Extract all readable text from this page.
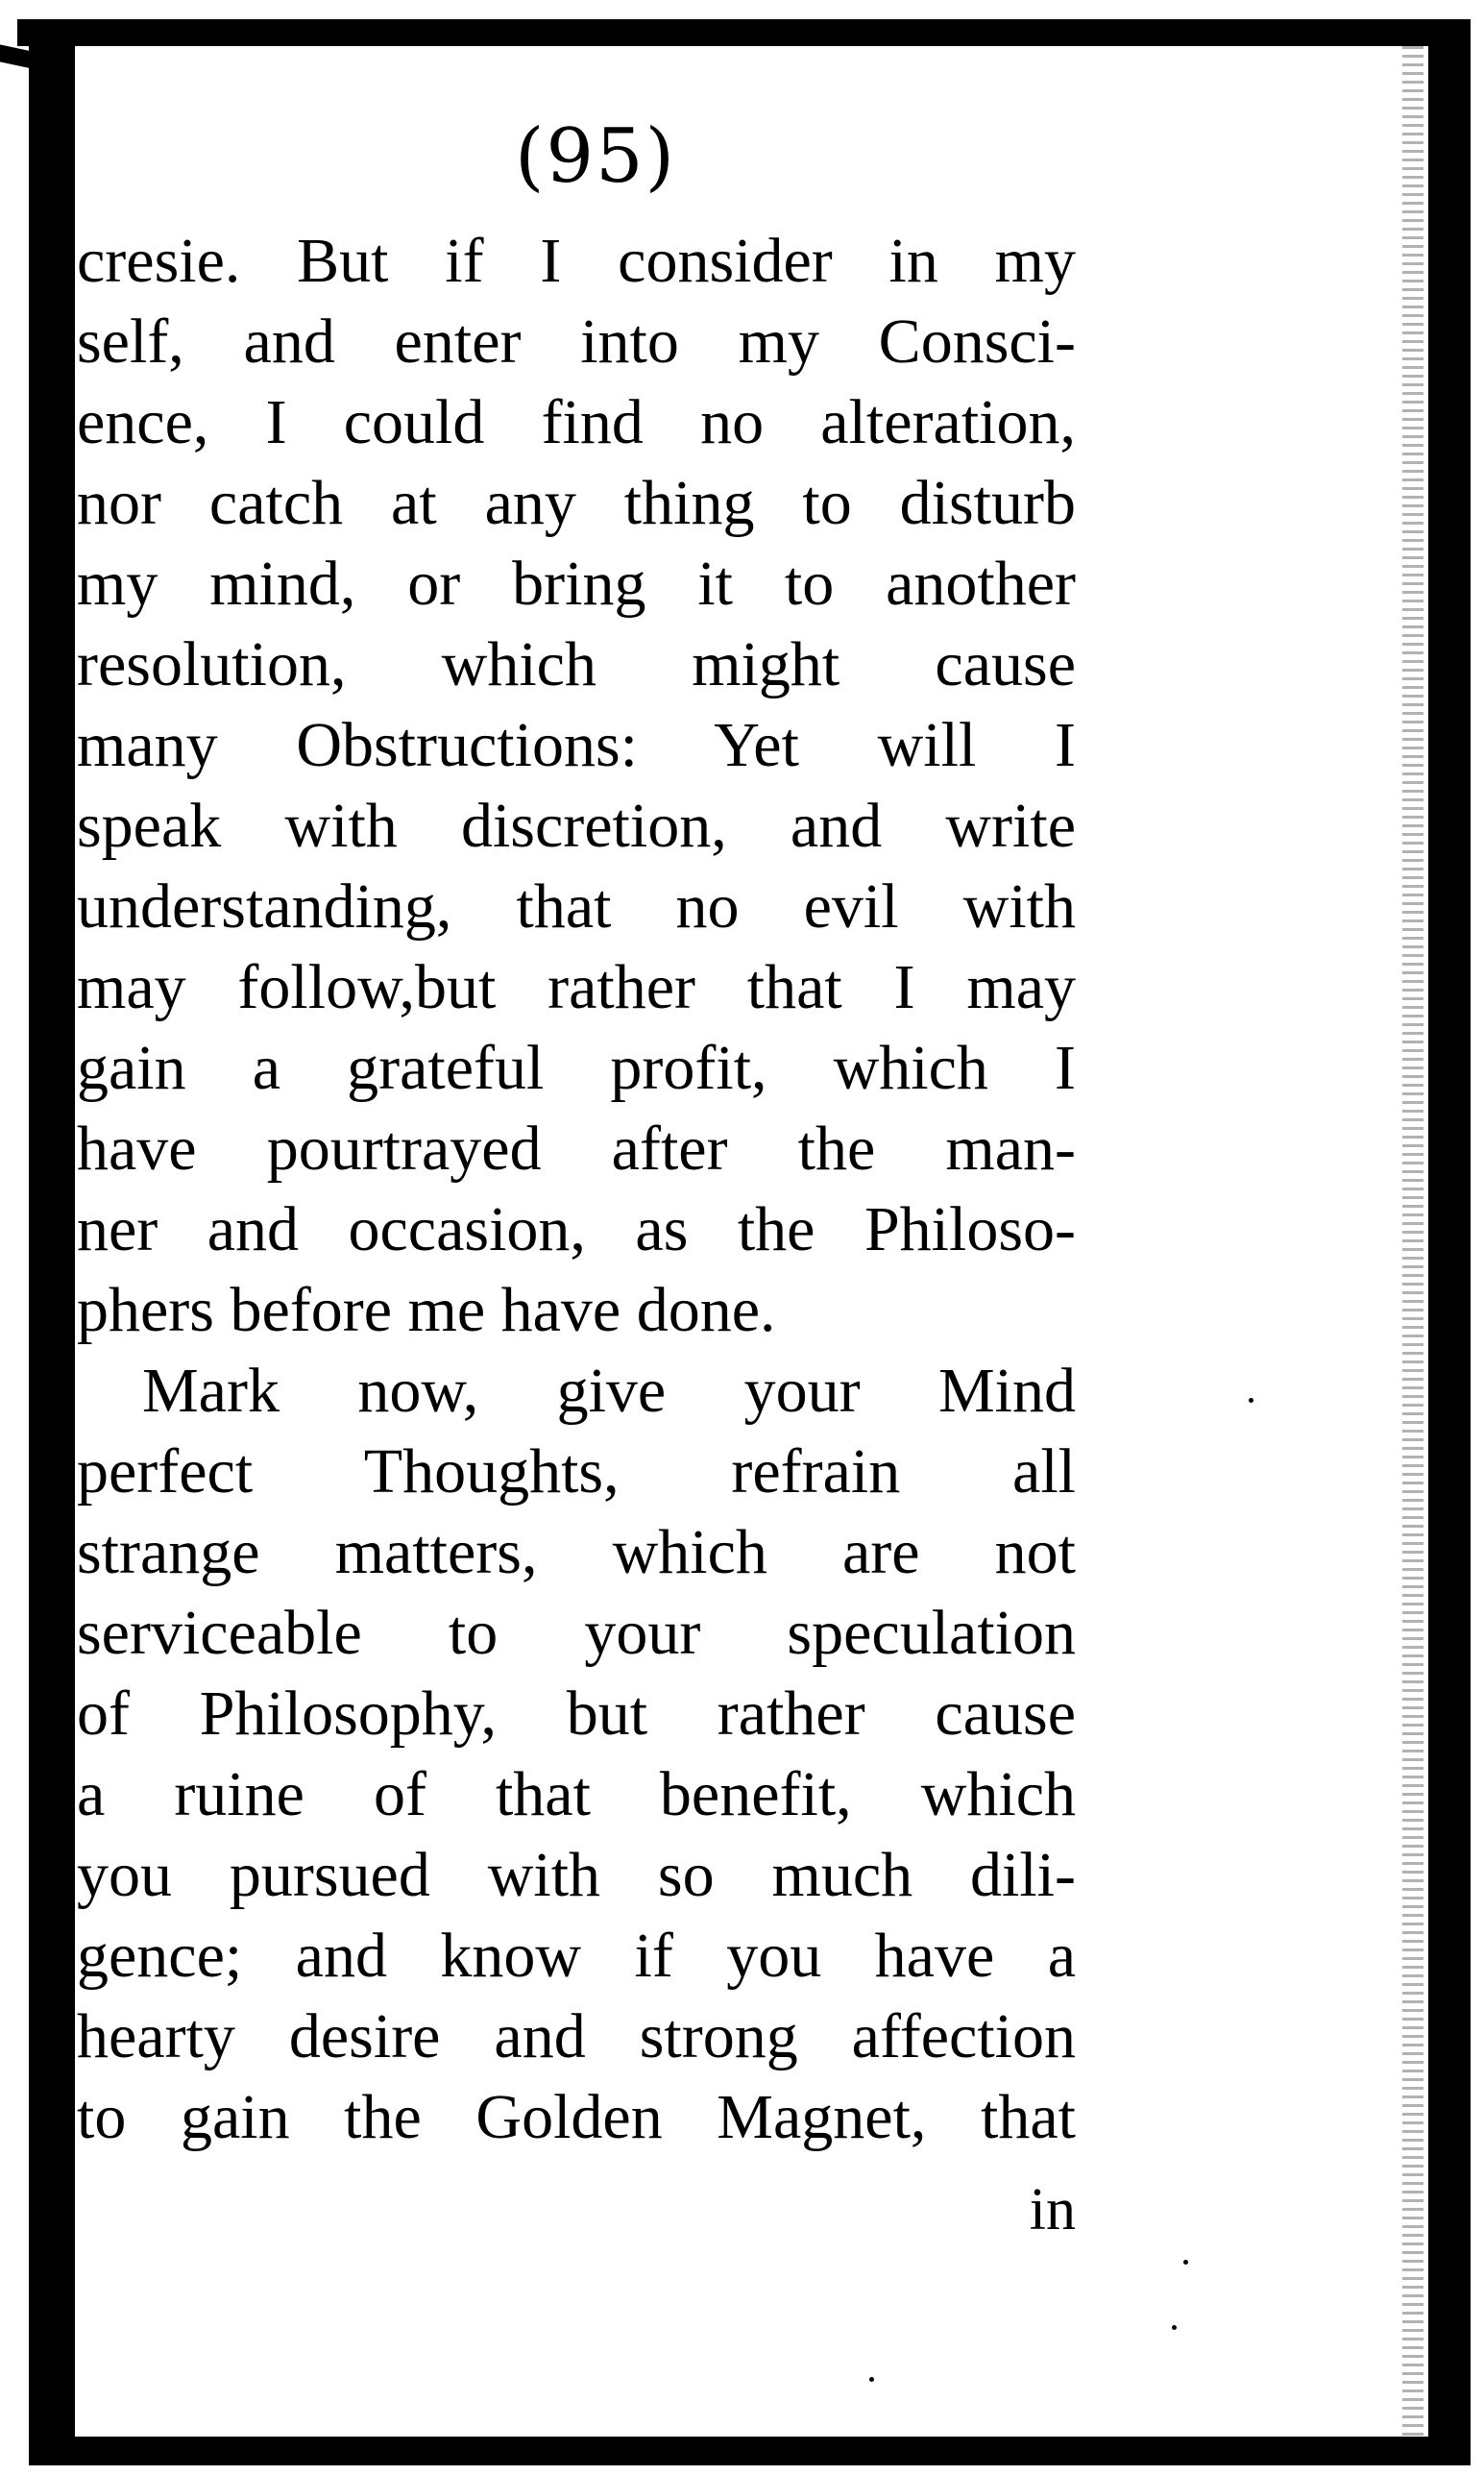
(95)
cresie. But if I consider in my
self, and enter into my Consci-
ence, I could find no alteration,
nor catch at any thing to disturb
my mind, or bring it to another
resolution, which might cause
many Obstructions: Yet will I
speak with discretion, and write
understanding, that no evil with
may follow,but rather that I may
gain a grateful profit, which I
have pourtrayed after the man-
ner and occasion, as the Philoso-
phers before me have done.
Mark now, give your Mind
perfect Thoughts, refrain all
strange matters, which are not
serviceable to your speculation
of Philosophy, but rather cause
a ruine of that benefit, which
you pursued with so much dili-
gence; and know if you have a
hearty desire and strong affection
to gain the Golden Magnet, that
in
